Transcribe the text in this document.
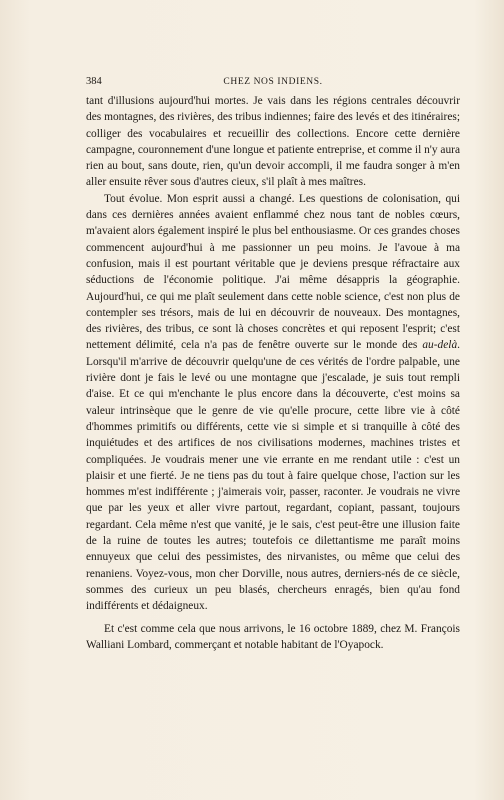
384	CHEZ NOS INDIENS.

tant d'illusions aujourd'hui mortes. Je vais dans les régions centrales découvrir des montagnes, des rivières, des tribus indiennes; faire des levés et des itinéraires; colliger des vocabulaires et recueillir des collections. Encore cette dernière campagne, couronnement d'une longue et patiente entreprise, et comme il n'y aura rien au bout, sans doute, rien, qu'un devoir accompli, il me faudra songer à m'en aller ensuite rêver sous d'autres cieux, s'il plaît à mes maîtres.

Tout évolue. Mon esprit aussi a changé. Les questions de colonisation, qui dans ces dernières années avaient enflammé chez nous tant de nobles cœurs, m'avaient alors également inspiré le plus bel enthousiasme. Or ces grandes choses commencent aujourd'hui à me passionner un peu moins. Je l'avoue à ma confusion, mais il est pourtant véritable que je deviens presque réfractaire aux séductions de l'économie politique. J'ai même désappris la géographie. Aujourd'hui, ce qui me plaît seulement dans cette noble science, c'est non plus de contempler ses trésors, mais de lui en découvrir de nouveaux. Des montagnes, des rivières, des tribus, ce sont là choses concrètes et qui reposent l'esprit; c'est nettement délimité, cela n'a pas de fenêtre ouverte sur le monde des au-delà. Lorsqu'il m'arrive de découvrir quelqu'une de ces vérités de l'ordre palpable, une rivière dont je fais le levé ou une montagne que j'escalade, je suis tout rempli d'aise. Et ce qui m'enchante le plus encore dans la découverte, c'est moins sa valeur intrinsèque que le genre de vie qu'elle procure, cette libre vie à côté d'hommes primitifs ou différents, cette vie si simple et si tranquille à côté des inquiétudes et des artifices de nos civilisations modernes, machines tristes et compliquées. Je voudrais mener une vie errante en me rendant utile : c'est un plaisir et une fierté. Je ne tiens pas du tout à faire quelque chose, l'action sur les hommes m'est indifférente ; j'aimerais voir, passer, raconter. Je voudrais ne vivre que par les yeux et aller vivre partout, regardant, copiant, passant, toujours regardant. Cela même n'est que vanité, je le sais, c'est peut-être une illusion faite de la ruine de toutes les autres; toutefois ce dilettantisme me paraît moins ennuyeux que celui des pessimistes, des nirvanistes, ou même que celui des renaniens. Voyez-vous, mon cher Dorville, nous autres, derniers-nés de ce siècle, sommes des curieux un peu blasés, chercheurs enragés, bien qu'au fond indifférents et dédaigneux.

Et c'est comme cela que nous arrivons, le 16 octobre 1889, chez M. François Walliani Lombard, commerçant et notable habitant de l'Oyapock.
